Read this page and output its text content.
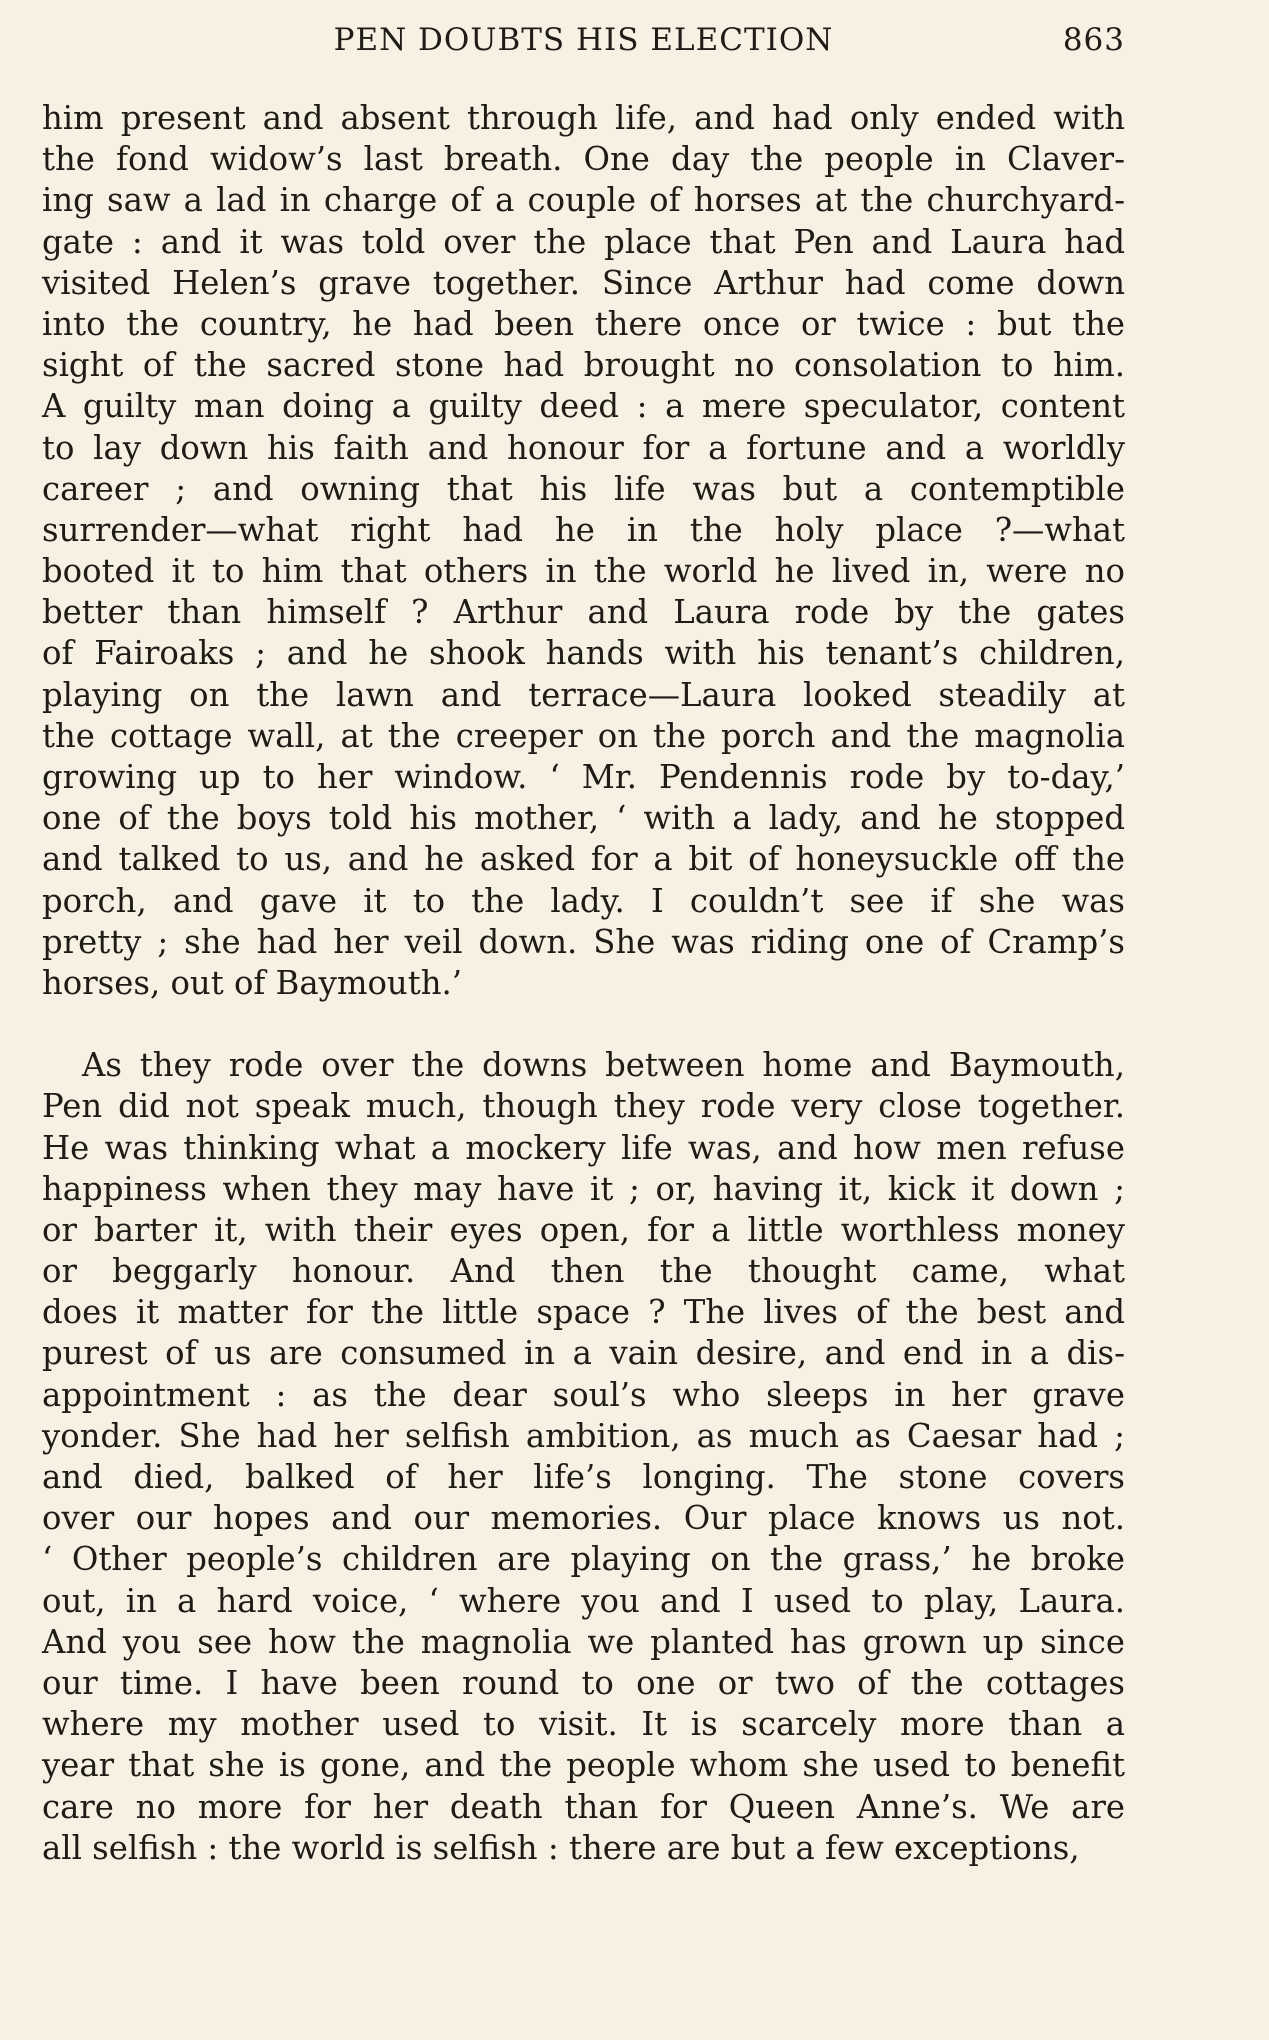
PEN DOUBTS HIS ELECTION	863
him present and absent through life, and had only ended with
the fond widow’s last breath. One day the people in Claver-
ing saw a lad in charge of a couple of horses at the churchyard-
gate : and it was told over the place that Pen and Laura had
visited Helen’s grave together. Since Arthur had come down
into the country, he had been there once or twice : but the
sight of the sacred stone had brought no consolation to him.
A guilty man doing a guilty deed : a mere speculator, content
to lay down his faith and honour for a fortune and a worldly
career ; and owning that his life was but a contemptible
surrender—what right had he in the holy place ?—what
booted it to him that others in the world he lived in, were no
better than himself ? Arthur and Laura rode by the gates
of Fairoaks ; and he shook hands with his tenant’s children,
playing on the lawn and terrace—Laura looked steadily at
the cottage wall, at the creeper on the porch and the magnolia
growing up to her window. ‘ Mr. Pendennis rode by to-day,’
one of the boys told his mother, ‘ with a lady, and he stopped
and talked to us, and he asked for a bit of honeysuckle off the
porch, and gave it to the lady. I couldn’t see if she was
pretty ; she had her veil down. She was riding one of Cramp’s
horses, out of Baymouth.’
As they rode over the downs between home and Baymouth,
Pen did not speak much, though they rode very close together.
He was thinking what a mockery life was, and how men refuse
happiness when they may have it ; or, having it, kick it down ;
or barter it, with their eyes open, for a little worthless money
or beggarly honour. And then the thought came, what
does it matter for the little space ? The lives of the best and
purest of us are consumed in a vain desire, and end in a dis-
appointment : as the dear soul’s who sleeps in her grave
yonder. She had her selfish ambition, as much as Caesar had ;
and died, balked of her life’s longing. The stone covers
over our hopes and our memories. Our place knows us not.
‘ Other people’s children are playing on the grass,’ he broke
out, in a hard voice, ‘ where you and I used to play, Laura.
And you see how the magnolia we planted has grown up since
our time. I have been round to one or two of the cottages
where my mother used to visit. It is scarcely more than a
year that she is gone, and the people whom she used to benefit
care no more for her death than for Queen Anne’s. We are
all selfish : the world is selfish : there are but a few exceptions,
